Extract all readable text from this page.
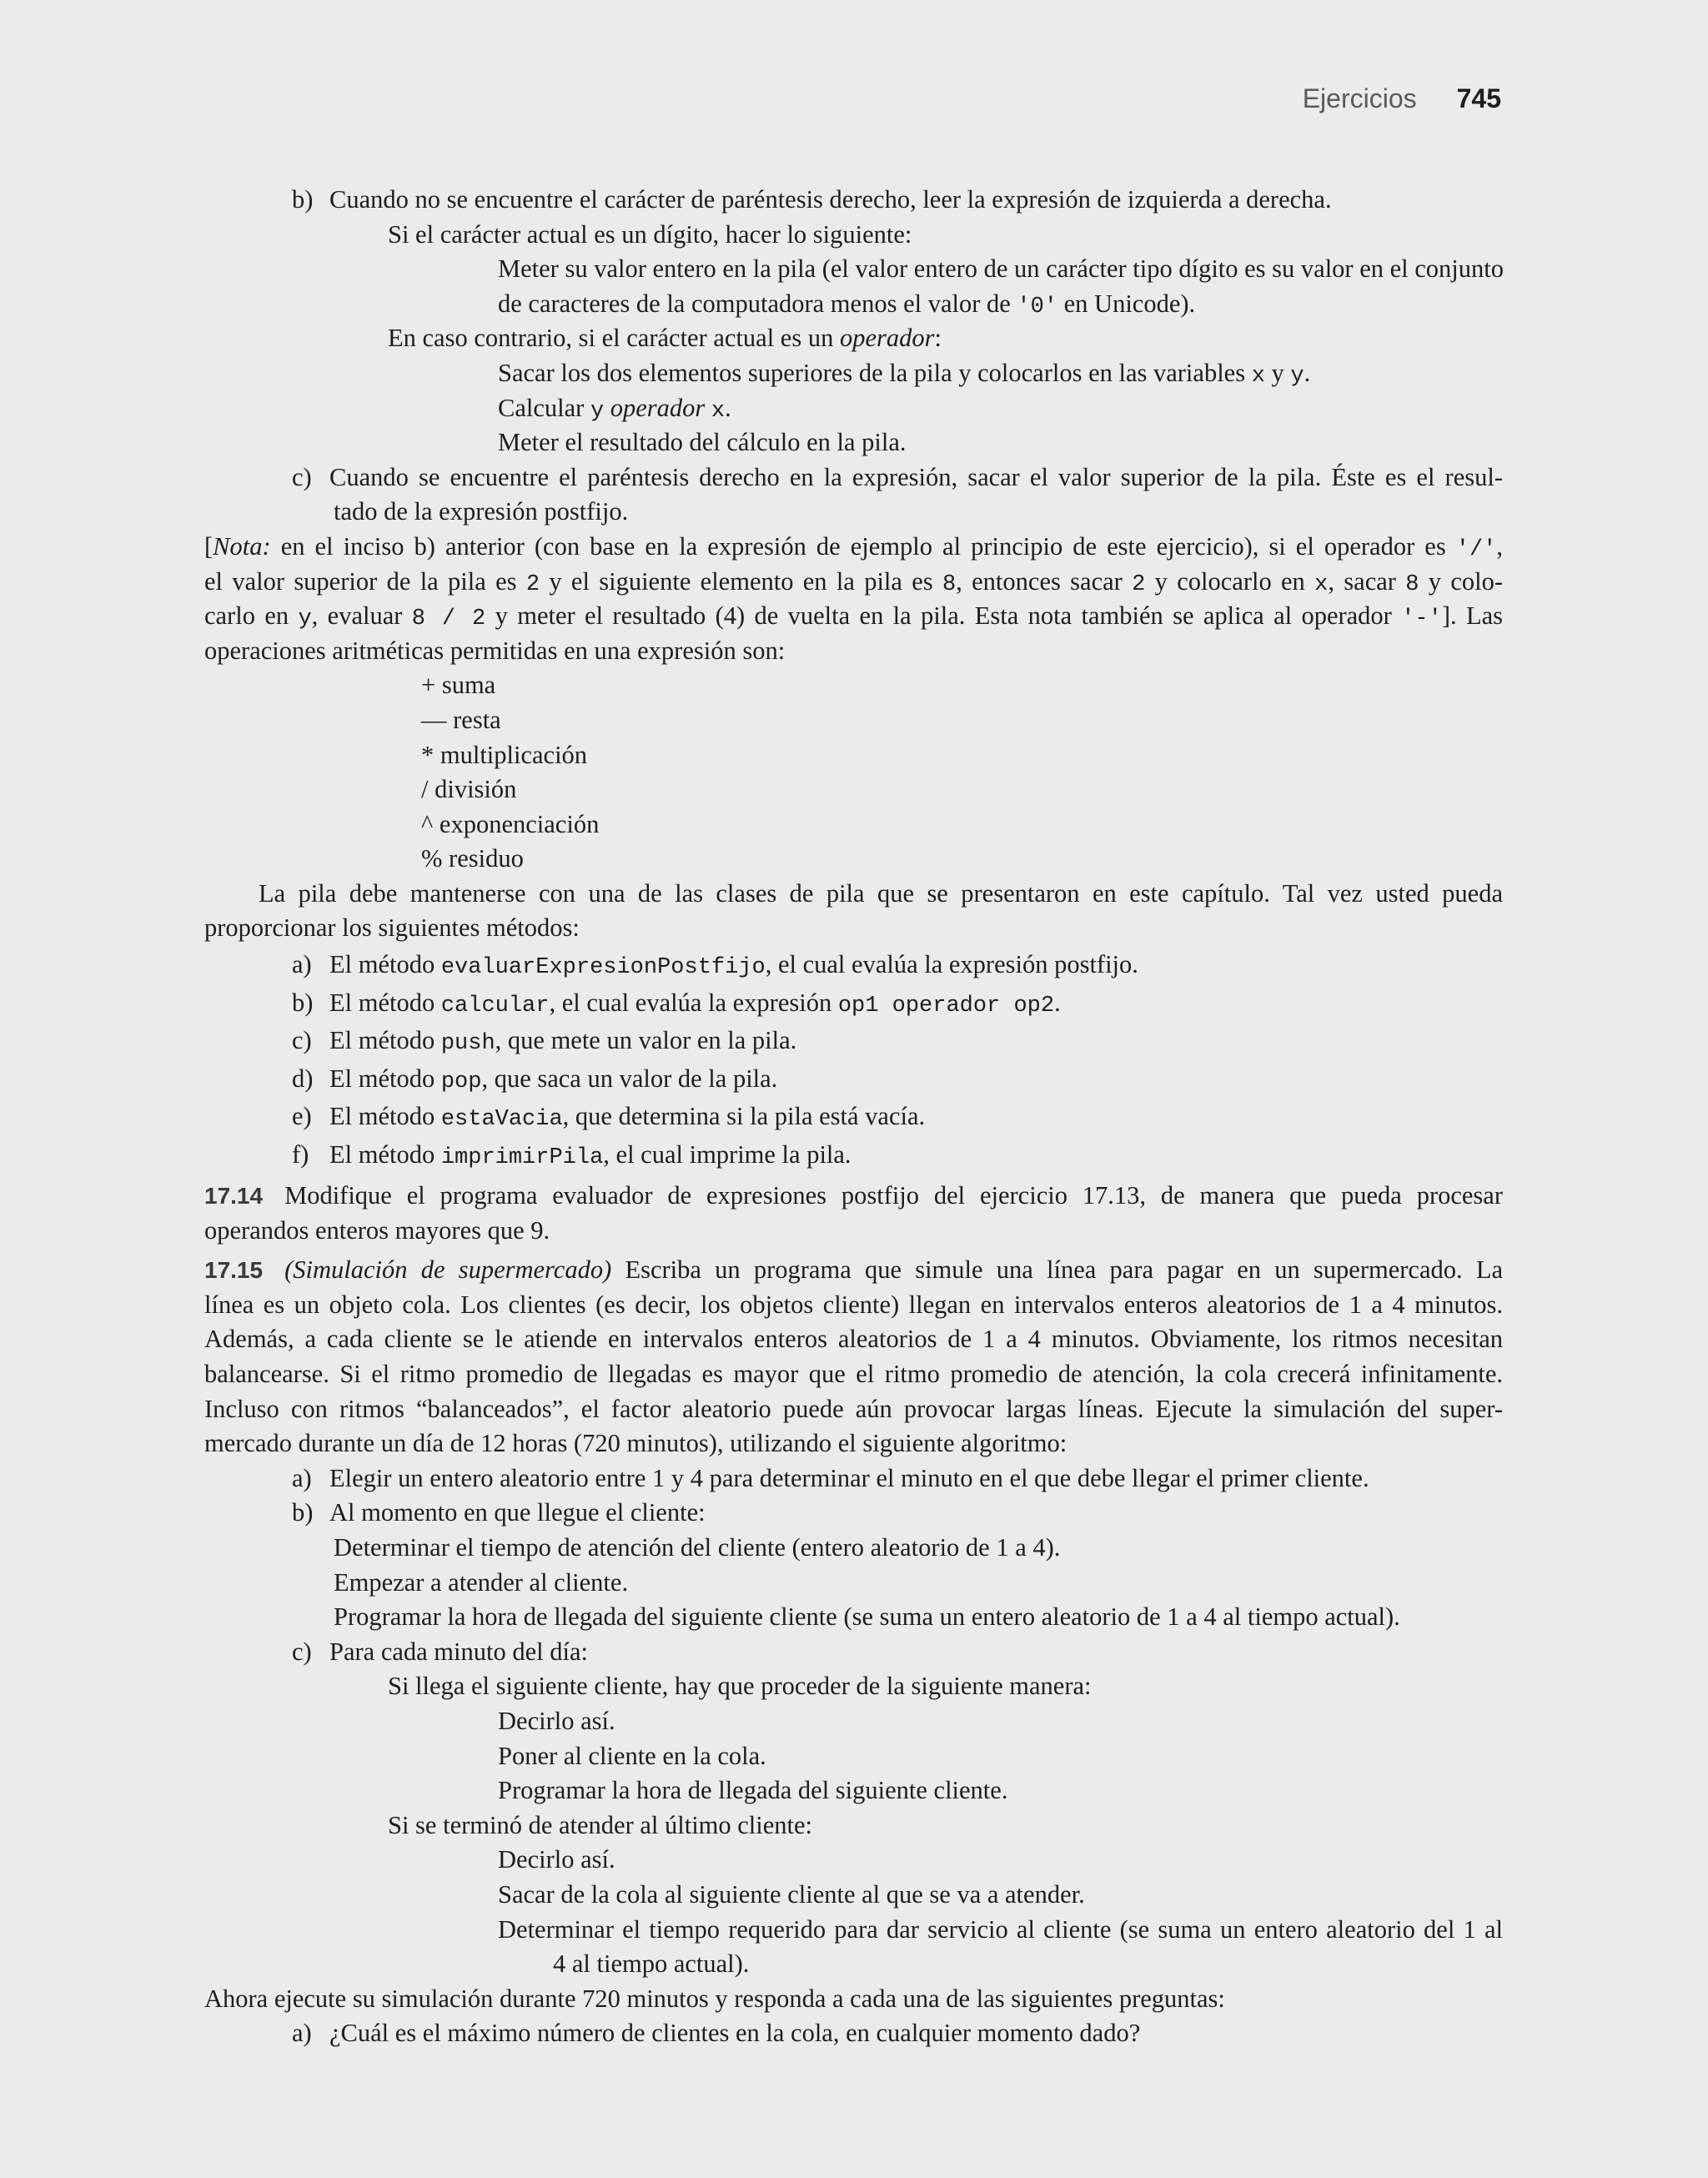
Ejercicios 745
b) Cuando no se encuentre el carácter de paréntesis derecho, leer la expresión de izquierda a derecha.
Si el carácter actual es un dígito, hacer lo siguiente:
Meter su valor entero en la pila (el valor entero de un carácter tipo dígito es su valor en el conjunto
de caracteres de la computadora menos el valor de '0' en Unicode).
En caso contrario, si el carácter actual es un operador:
Sacar los dos elementos superiores de la pila y colocarlos en las variables x y y.
Calcular y operador x.
Meter el resultado del cálculo en la pila.
c) Cuando se encuentre el paréntesis derecho en la expresión, sacar el valor superior de la pila. Éste es el resul-
tado de la expresión postfijo.
[Nota: en el inciso b) anterior (con base en la expresión de ejemplo al principio de este ejercicio), si el operador es '/',
el valor superior de la pila es 2 y el siguiente elemento en la pila es 8, entonces sacar 2 y colocarlo en x, sacar 8 y colo-
carlo en y, evaluar 8 / 2 y meter el resultado (4) de vuelta en la pila. Esta nota también se aplica al operador '-']. Las
operaciones aritméticas permitidas en una expresión son:
+ suma
— resta
* multiplicación
/ división
^ exponenciación
% residuo
La pila debe mantenerse con una de las clases de pila que se presentaron en este capítulo. Tal vez usted pueda
proporcionar los siguientes métodos:
a) El método evaluarExpresionPostfijo, el cual evalúa la expresión postfijo.
b) El método calcular, el cual evalúa la expresión op1 operador op2.
c) El método push, que mete un valor en la pila.
d) El método pop, que saca un valor de la pila.
e) El método estaVacia, que determina si la pila está vacía.
f) El método imprimirPila, el cual imprime la pila.
17.14 Modifique el programa evaluador de expresiones postfijo del ejercicio 17.13, de manera que pueda procesar
operandos enteros mayores que 9.
17.15 (Simulación de supermercado) Escriba un programa que simule una línea para pagar en un supermercado. La
línea es un objeto cola. Los clientes (es decir, los objetos cliente) llegan en intervalos enteros aleatorios de 1 a 4 minutos.
Además, a cada cliente se le atiende en intervalos enteros aleatorios de 1 a 4 minutos. Obviamente, los ritmos necesitan
balancearse. Si el ritmo promedio de llegadas es mayor que el ritmo promedio de atención, la cola crecerá infinitamente.
Incluso con ritmos “balanceados”, el factor aleatorio puede aún provocar largas líneas. Ejecute la simulación del super-
mercado durante un día de 12 horas (720 minutos), utilizando el siguiente algoritmo:
a) Elegir un entero aleatorio entre 1 y 4 para determinar el minuto en el que debe llegar el primer cliente.
b) Al momento en que llegue el cliente:
Determinar el tiempo de atención del cliente (entero aleatorio de 1 a 4).
Empezar a atender al cliente.
Programar la hora de llegada del siguiente cliente (se suma un entero aleatorio de 1 a 4 al tiempo actual).
c) Para cada minuto del día:
Si llega el siguiente cliente, hay que proceder de la siguiente manera:
Decirlo así.
Poner al cliente en la cola.
Programar la hora de llegada del siguiente cliente.
Si se terminó de atender al último cliente:
Decirlo así.
Sacar de la cola al siguiente cliente al que se va a atender.
Determinar el tiempo requerido para dar servicio al cliente (se suma un entero aleatorio del 1 al
4 al tiempo actual).
Ahora ejecute su simulación durante 720 minutos y responda a cada una de las siguientes preguntas:
a) ¿Cuál es el máximo número de clientes en la cola, en cualquier momento dado?
